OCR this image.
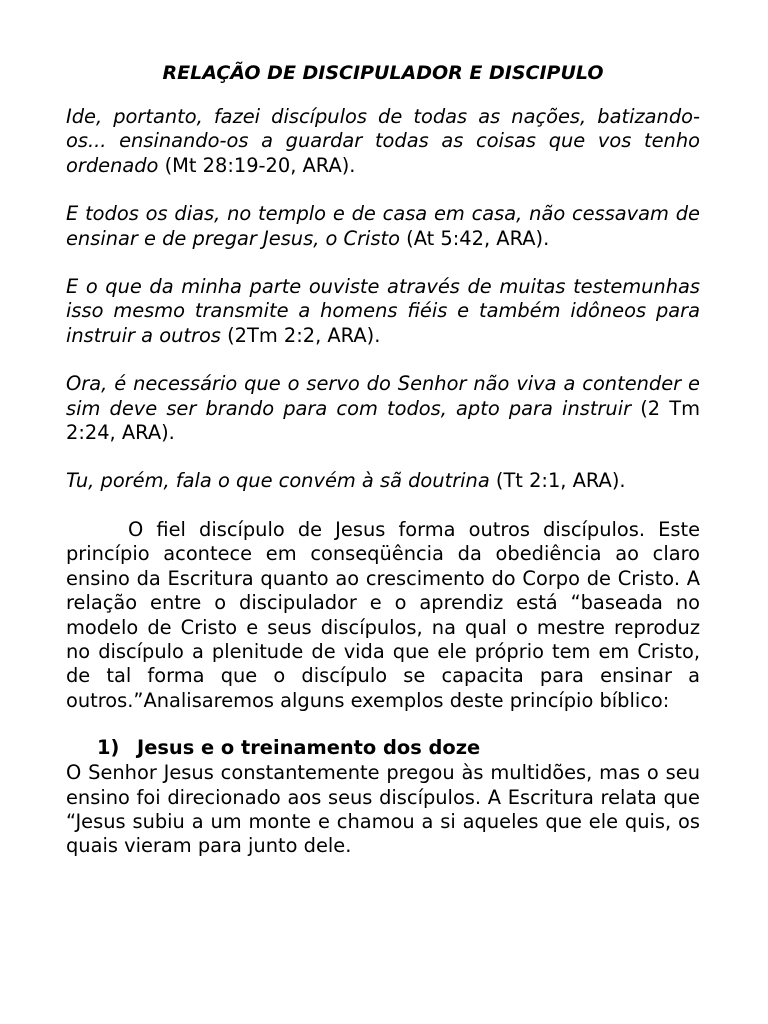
RELAÇÃO DE DISCIPULADOR E DISCIPULO

Ide, portanto, fazei discípulos de todas as nações, batizando-os... ensinando-os a guardar todas as coisas que vos tenho ordenado (Mt 28:19-20, ARA).

E todos os dias, no templo e de casa em casa, não cessavam de ensinar e de pregar Jesus, o Cristo (At 5:42, ARA).

E o que da minha parte ouviste através de muitas testemunhas isso mesmo transmite a homens fiéis e também idôneos para instruir a outros (2Tm 2:2, ARA).

Ora, é necessário que o servo do Senhor não viva a contender e sim deve ser brando para com todos, apto para instruir (2 Tm 2:24, ARA).

Tu, porém, fala o que convém à sã doutrina (Tt 2:1, ARA).

O fiel discípulo de Jesus forma outros discípulos. Este princípio acontece em conseqüência da obediência ao claro ensino da Escritura quanto ao crescimento do Corpo de Cristo. A relação entre o discipulador e o aprendiz está “baseada no modelo de Cristo e seus discípulos, na qual o mestre reproduz no discípulo a plenitude de vida que ele próprio tem em Cristo, de tal forma que o discípulo se capacita para ensinar a outros.”Analisaremos alguns exemplos deste princípio bíblico:

1) Jesus e o treinamento dos doze

O Senhor Jesus constantemente pregou às multidões, mas o seu ensino foi direcionado aos seus discípulos. A Escritura relata que “Jesus subiu a um monte e chamou a si aqueles que ele quis, os quais vieram para junto dele.
